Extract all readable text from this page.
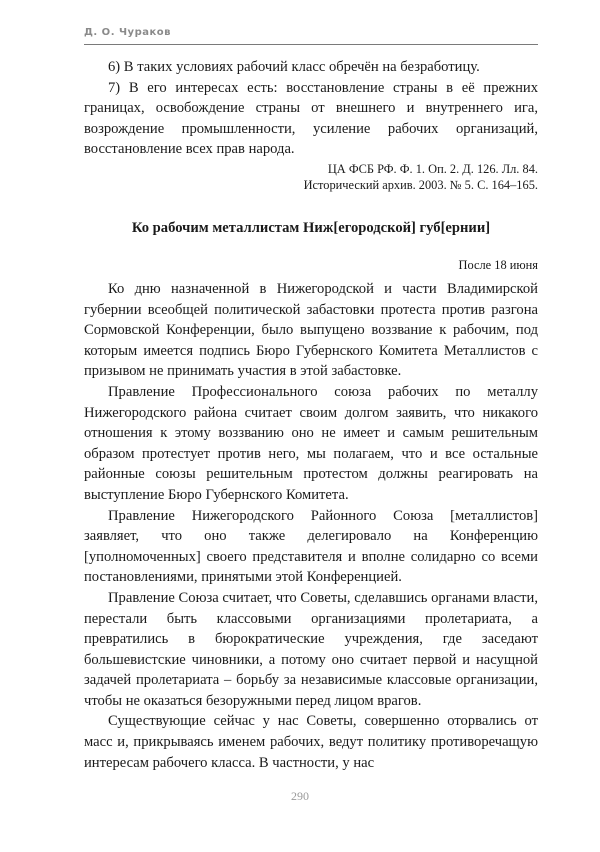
Д. О. Чураков

6) В таких условиях рабочий класс обречён на безработицу.

7) В его интересах есть: восстановление страны в её прежних границах, освобождение страны от внешнего и внутреннего ига, возрождение промышленности, усиление рабочих организаций, восстановление всех прав народа.

ЦА ФСБ РФ. Ф. 1. Оп. 2. Д. 126. Лл. 84.
Исторический архив. 2003. № 5. С. 164–165.
Ко рабочим металлистам Ниж[егородской] губ[ернии]
После 18 июня

Ко дню назначенной в Нижегородской и части Владимирской губернии всеобщей политической забастовки протеста против разгона Сормовской Конференции, было выпущено воззвание к рабочим, под которым имеется подпись Бюро Губернского Комитета Металлистов с призывом не принимать участия в этой забастовке.

Правление Профессионального союза рабочих по металлу Нижегородского района считает своим долгом заявить, что никакого отношения к этому воззванию оно не имеет и самым решительным образом протестует против него, мы полагаем, что и все остальные районные союзы решительным протестом должны реагировать на выступление Бюро Губернского Комитета.

Правление Нижегородского Районного Союза [металлистов] заявляет, что оно также делегировало на Конференцию [уполномоченных] своего представителя и вполне солидарно со всеми постановлениями, принятыми этой Конференцией.

Правление Союза считает, что Советы, сделавшись органами власти, перестали быть классовыми организациями пролетариата, а превратились в бюрократические учреждения, где заседают большевистские чиновники, а потому оно считает первой и насущной задачей пролетариата – борьбу за независимые классовые организации, чтобы не оказаться безоружными перед лицом врагов.

Существующие сейчас у нас Советы, совершенно оторвались от масс и, прикрываясь именем рабочих, ведут политику противоречащую интересам рабочего класса. В частности, у нас

290
